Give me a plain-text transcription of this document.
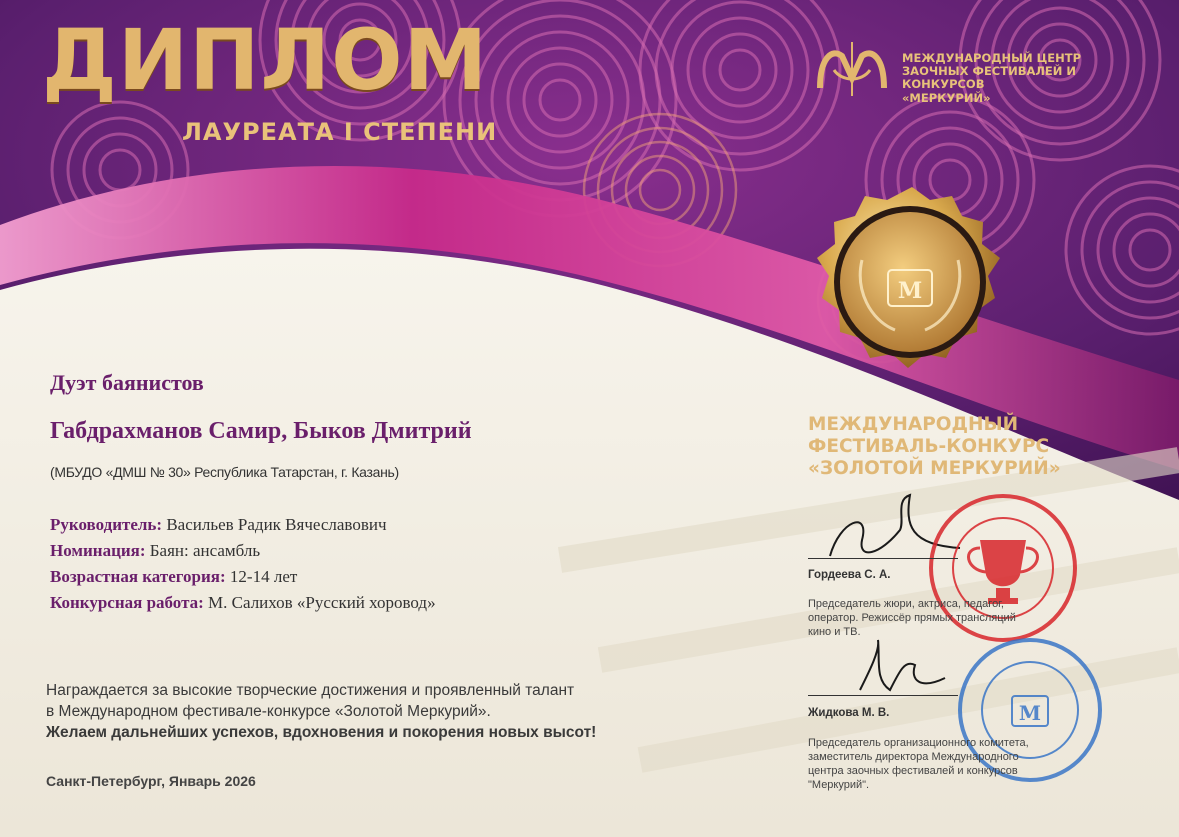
М
М
ДИПЛОМ
ЛАУРЕАТА I СТЕПЕНИ
МЕЖДУНАРОДНЫЙ ЦЕНТР
ЗАОЧНЫХ ФЕСТИВАЛЕЙ И КОНКУРСОВ
«МЕРКУРИЙ»
Дуэт баянистов
Габдрахманов Самир, Быков Дмитрий
(МБУДО «ДМШ № 30» Республика Татарстан, г. Казань)
Руководитель: Васильев Радик Вячеславович
Номинация: Баян: ансамбль
Возрастная категория: 12-14 лет
Конкурсная работа: М. Салихов «Русский хоровод»
Награждается за высокие творческие достижения и проявленный талант
в Международном фестивале-конкурсе «Золотой Меркурий».
Желаем дальнейших успехов, вдохновения и покорения новых высот!
Санкт-Петербург, Январь 2026
МЕЖДУНАРОДНЫЙ
ФЕСТИВАЛЬ-КОНКУРС
«ЗОЛОТОЙ МЕРКУРИЙ»
Гордеева С. А.
Председатель жюри, актриса, педагог,
оператор. Режиссёр прямых трансляций
кино и ТВ.
Жидкова М. В.
Председатель организационного комитета,
заместитель директора Международного
центра заочных фестивалей и конкурсов
"Меркурий".
